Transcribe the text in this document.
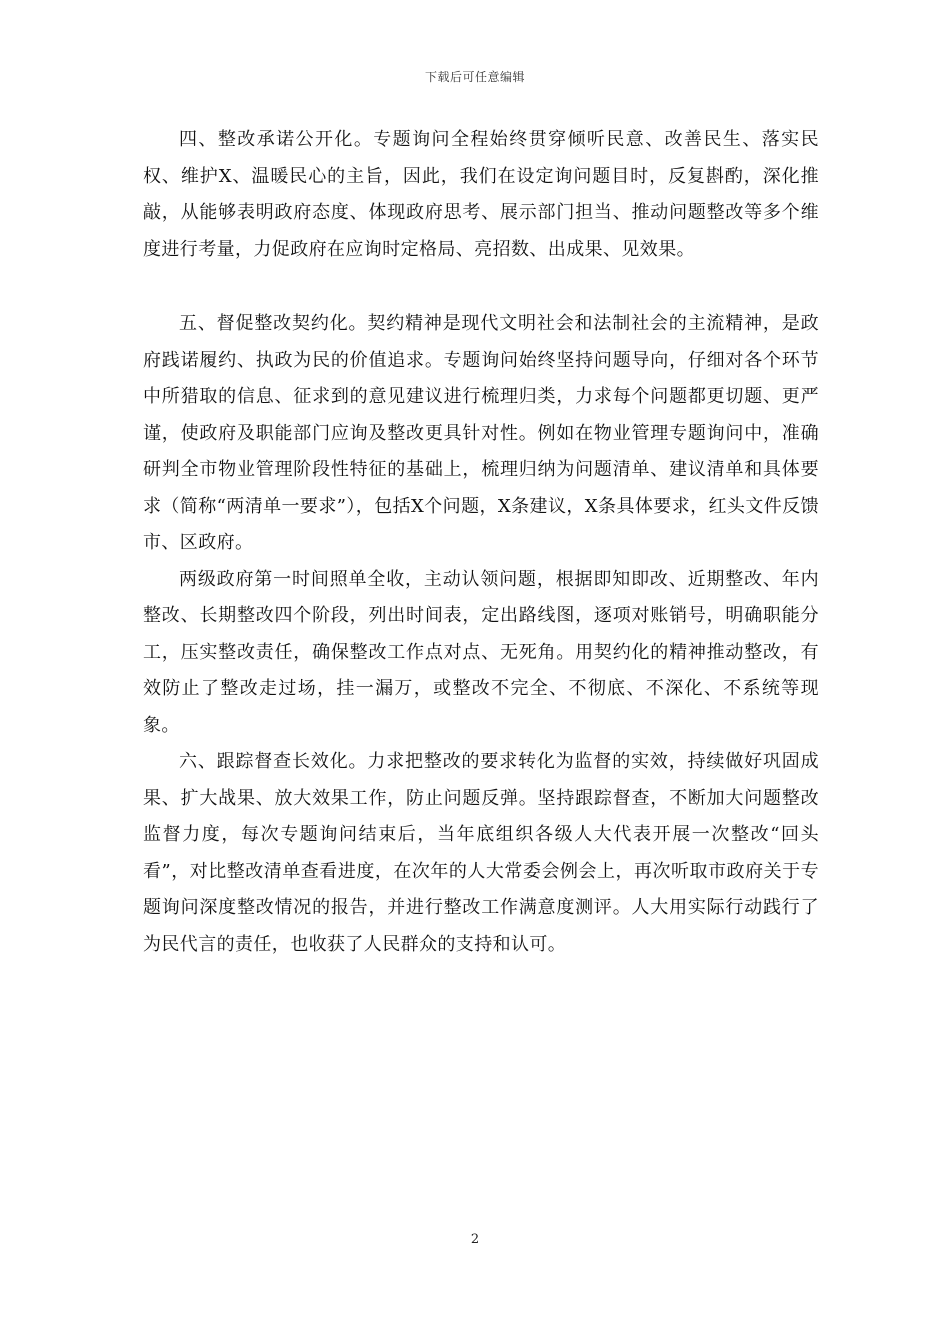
下载后可任意编辑

四、整改承诺公开化。专题询问全程始终贯穿倾听民意、改善民生、落实民权、维护X、温暖民心的主旨，因此，我们在设定询问题目时，反复斟酌，深化推敲，从能够表明政府态度、体现政府思考、展示部门担当、推动问题整改等多个维度进行考量，力促政府在应询时定格局、亮招数、出成果、见效果。

五、督促整改契约化。契约精神是现代文明社会和法制社会的主流精神，是政府践诺履约、执政为民的价值追求。专题询问始终坚持问题导向，仔细对各个环节中所猎取的信息、征求到的意见建议进行梳理归类，力求每个问题都更切题、更严谨，使政府及职能部门应询及整改更具针对性。例如在物业管理专题询问中，准确研判全市物业管理阶段性特征的基础上，梳理归纳为问题清单、建议清单和具体要求（简称“两清单一要求”），包括X个问题，X条建议，X条具体要求，红头文件反馈市、区政府。

两级政府第一时间照单全收，主动认领问题，根据即知即改、近期整改、年内整改、长期整改四个阶段，列出时间表，定出路线图，逐项对账销号，明确职能分工，压实整改责任，确保整改工作点对点、无死角。用契约化的精神推动整改，有效防止了整改走过场，挂一漏万，或整改不完全、不彻底、不深化、不系统等现象。

六、跟踪督查长效化。力求把整改的要求转化为监督的实效，持续做好巩固成果、扩大战果、放大效果工作，防止问题反弹。坚持跟踪督查，不断加大问题整改监督力度，每次专题询问结束后，当年底组织各级人大代表开展一次整改“回头看”，对比整改清单查看进度，在次年的人大常委会例会上，再次听取市政府关于专题询问深度整改情况的报告，并进行整改工作满意度测评。人大用实际行动践行了为民代言的责任，也收获了人民群众的支持和认可。

2
